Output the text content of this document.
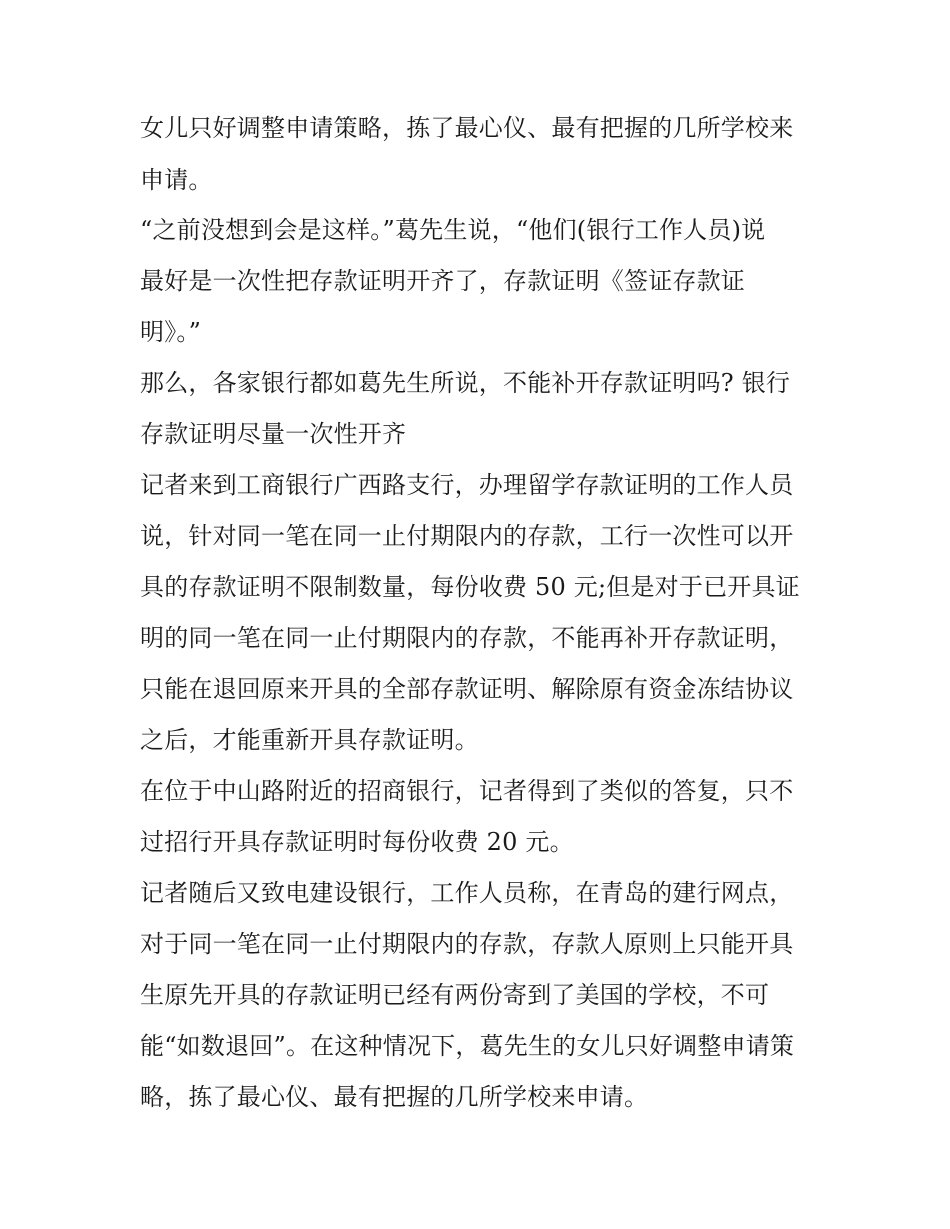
女儿只好调整申请策略，拣了最心仪、最有把握的几所学校来
申请。
“之前没想到会是这样。”葛先生说，“他们(银行工作人员)说
最好是一次性把存款证明开齐了，存款证明《签证存款证
明》。”
那么，各家银行都如葛先生所说，不能补开存款证明吗? 银行
存款证明尽量一次性开齐
记者来到工商银行广西路支行，办理留学存款证明的工作人员
说，针对同一笔在同一止付期限内的存款，工行一次性可以开
具的存款证明不限制数量，每份收费 50 元;但是对于已开具证
明的同一笔在同一止付期限内的存款，不能再补开存款证明，
只能在退回原来开具的全部存款证明、解除原有资金冻结协议
之后，才能重新开具存款证明。
在位于中山路附近的招商银行，记者得到了类似的答复，只不
过招行开具存款证明时每份收费 20 元。
记者随后又致电建设银行，工作人员称，在青岛的建行网点，
对于同一笔在同一止付期限内的存款，存款人原则上只能开具
生原先开具的存款证明已经有两份寄到了美国的学校，不可
能“如数退回”。在这种情况下，葛先生的女儿只好调整申请策
略，拣了最心仪、最有把握的几所学校来申请。
